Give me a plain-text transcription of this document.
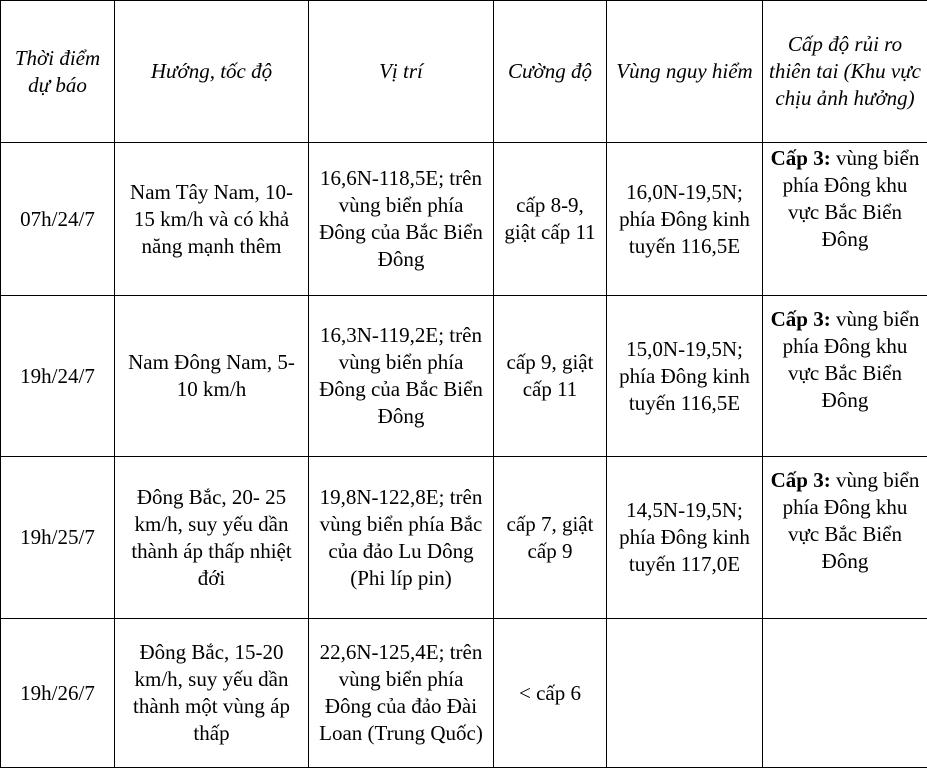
Thời điểm dự báo	Hướng, tốc độ	Vị trí	Cường độ	Vùng nguy hiểm	Cấp độ rủi ro thiên tai (Khu vực chịu ảnh hưởng)
07h/24/7	Nam Tây Nam, 10-15 km/h và có khả năng mạnh thêm	16,6N-118,5E; trên vùng biển phía Đông của Bắc Biển Đông	cấp 8-9, giật cấp 11	16,0N-19,5N; phía Đông kinh tuyến 116,5E	Cấp 3: vùng biển phía Đông khu vực Bắc Biển Đông
19h/24/7	Nam Đông Nam, 5-10 km/h	16,3N-119,2E; trên vùng biển phía Đông của Bắc Biển Đông	cấp 9, giật cấp 11	15,0N-19,5N; phía Đông kinh tuyến 116,5E	Cấp 3: vùng biển phía Đông khu vực Bắc Biển Đông
19h/25/7	Đông Bắc, 20- 25 km/h, suy yếu dần thành áp thấp nhiệt đới	19,8N-122,8E; trên vùng biển phía Bắc của đảo Lu Dông (Phi líp pin)	cấp 7, giật cấp 9	14,5N-19,5N; phía Đông kinh tuyến 117,0E	Cấp 3: vùng biển phía Đông khu vực Bắc Biển Đông
19h/26/7	Đông Bắc, 15-20 km/h, suy yếu dần thành một vùng áp thấp	22,6N-125,4E; trên vùng biển phía Đông của đảo Đài Loan (Trung Quốc)	< cấp 6		
